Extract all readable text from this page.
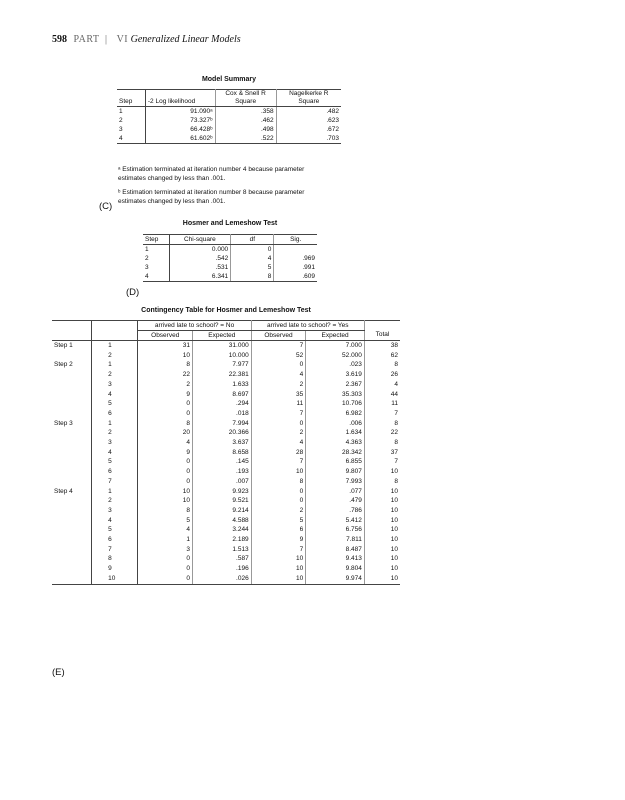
598 PART | VI Generalized Linear Models
Model Summary
Step	-2 Log likelihood	Cox & Snell R Square	Nagelkerke R Square
1	91.090ᵃ	.358	.482
2	73.327ᵇ	.462	.623
3	66.428ᵇ	.498	.672
4	61.602ᵇ	.522	.703
ᵃ Estimation terminated at iteration number 4 because parameter estimates changed by less than .001.
ᵇ Estimation terminated at iteration number 8 because parameter estimates changed by less than .001.
(C)
Hosmer and Lemeshow Test
Step	Chi-square	df	Sig.
1	0.000	0	
2	.542	4	.969
3	.531	5	.991
4	6.341	8	.609
(D)
Contingency Table for Hosmer and Lemeshow Test
		arrived late to school? = No		arrived late to school? = Yes		
		Observed	Expected	Observed	Expected	Total
Step 1	1	31	31.000	7	7.000	38
	2	10	10.000	52	52.000	62
Step 2	1	8	7.977	0	.023	8
	2	22	22.381	4	3.619	26
	3	2	1.633	2	2.367	4
	4	9	8.697	35	35.303	44
	5	0	.294	11	10.706	11
	6	0	.018	7	6.982	7
Step 3	1	8	7.994	0	.006	8
	2	20	20.366	2	1.634	22
	3	4	3.637	4	4.363	8
	4	9	8.658	28	28.342	37
	5	0	.145	7	6.855	7
	6	0	.193	10	9.807	10
	7	0	.007	8	7.993	8
Step 4	1	10	9.923	0	.077	10
	2	10	9.521	0	.479	10
	3	8	9.214	2	.786	10
	4	5	4.588	5	5.412	10
	5	4	3.244	6	6.756	10
	6	1	2.189	9	7.811	10
	7	3	1.513	7	8.487	10
	8	0	.587	10	9.413	10
	9	0	.196	10	9.804	10
	10	0	.026	10	9.974	10
(E)
